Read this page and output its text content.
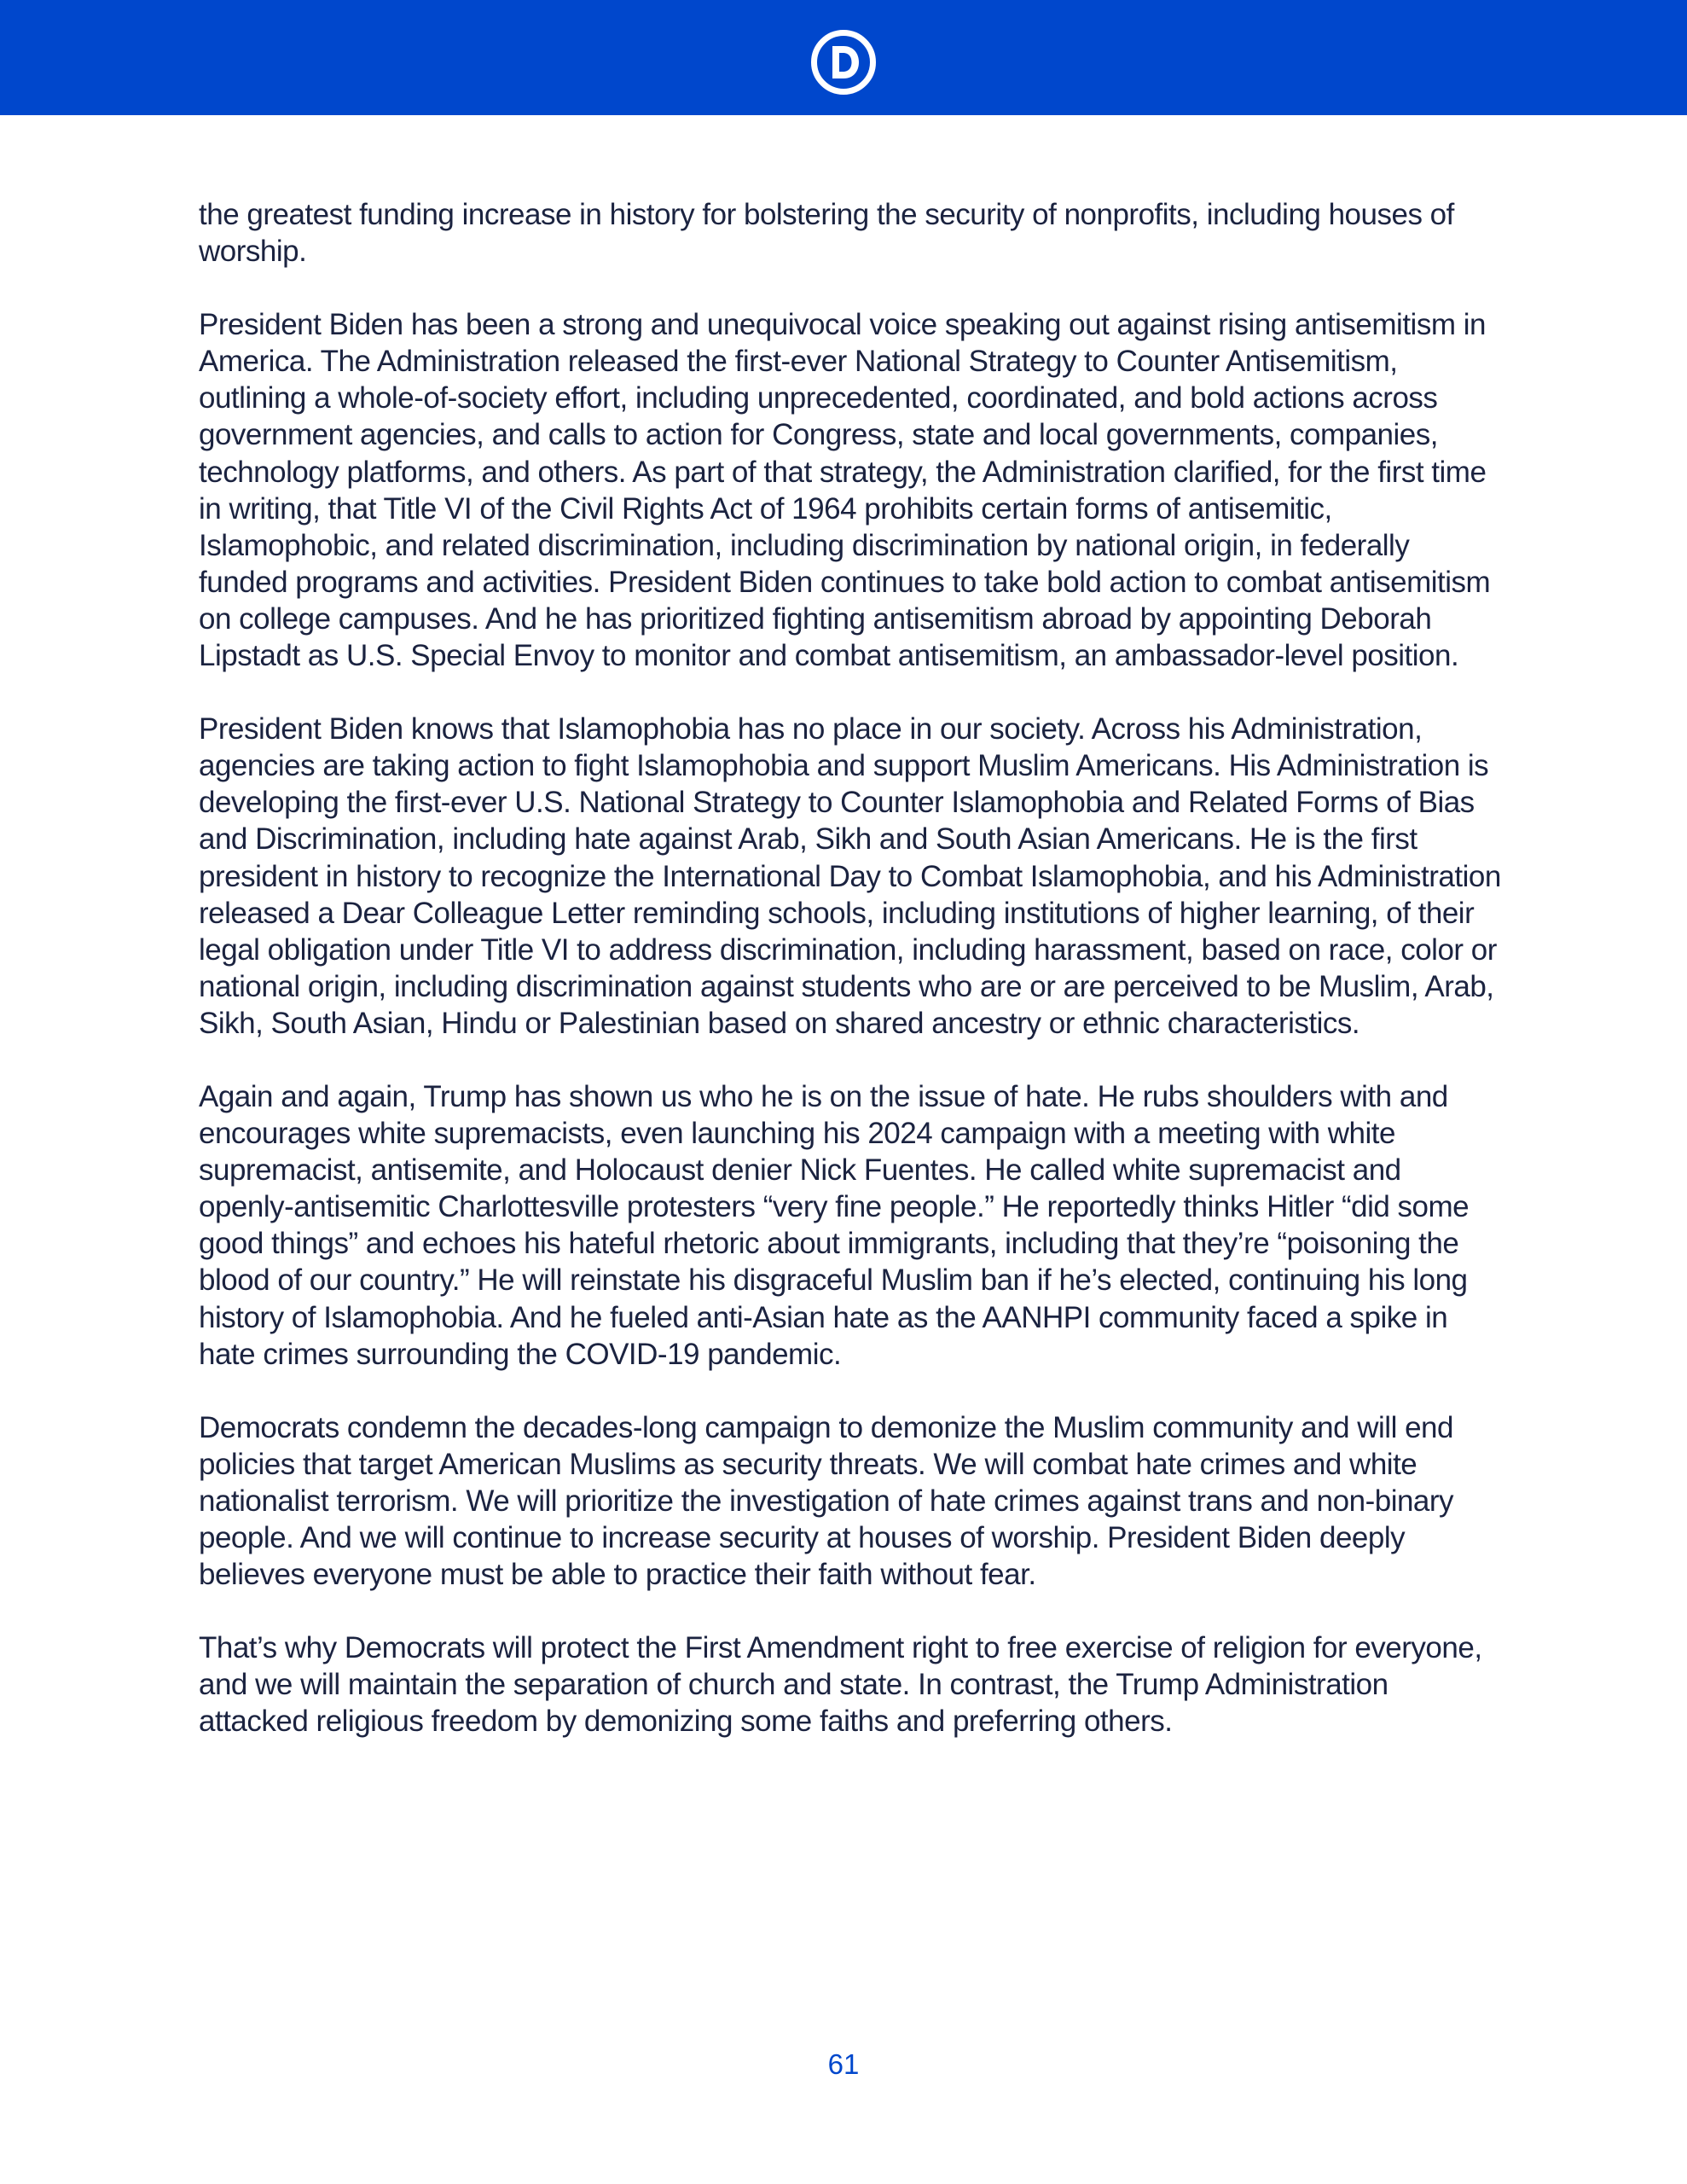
the greatest funding increase in history for bolstering the security of nonprofits, including houses of worship.

President Biden has been a strong and unequivocal voice speaking out against rising antisemitism in America. The Administration released the first-ever National Strategy to Counter Antisemitism, outlining a whole-of-society effort, including unprecedented, coordinated, and bold actions across government agencies, and calls to action for Congress, state and local governments, companies, technology platforms, and others. As part of that strategy, the Administration clarified, for the first time in writing, that Title VI of the Civil Rights Act of 1964 prohibits certain forms of antisemitic, Islamophobic, and related discrimination, including discrimination by national origin, in federally funded programs and activities. President Biden continues to take bold action to combat antisemitism on college campuses. And he has prioritized fighting antisemitism abroad by appointing Deborah Lipstadt as U.S. Special Envoy to monitor and combat antisemitism, an ambassador-level position.

President Biden knows that Islamophobia has no place in our society. Across his Administration, agencies are taking action to fight Islamophobia and support Muslim Americans. His Administration is developing the first-ever U.S. National Strategy to Counter Islamophobia and Related Forms of Bias and Discrimination, including hate against Arab, Sikh and South Asian Americans. He is the first president in history to recognize the International Day to Combat Islamophobia, and his Administration released a Dear Colleague Letter reminding schools, including institutions of higher learning, of their legal obligation under Title VI to address discrimination, including harassment, based on race, color or national origin, including discrimination against students who are or are perceived to be Muslim, Arab, Sikh, South Asian, Hindu or Palestinian based on shared ancestry or ethnic characteristics.

Again and again, Trump has shown us who he is on the issue of hate. He rubs shoulders with and encourages white supremacists, even launching his 2024 campaign with a meeting with white supremacist, antisemite, and Holocaust denier Nick Fuentes. He called white supremacist and openly-antisemitic Charlottesville protesters “very fine people.” He reportedly thinks Hitler “did some good things” and echoes his hateful rhetoric about immigrants, including that they’re “poisoning the blood of our country.” He will reinstate his disgraceful Muslim ban if he’s elected, continuing his long history of Islamophobia. And he fueled anti-Asian hate as the AANHPI community faced a spike in hate crimes surrounding the COVID-19 pandemic.

Democrats condemn the decades-long campaign to demonize the Muslim community and will end policies that target American Muslims as security threats. We will combat hate crimes and white nationalist terrorism. We will prioritize the investigation of hate crimes against trans and non-binary people. And we will continue to increase security at houses of worship. President Biden deeply believes everyone must be able to practice their faith without fear.

That’s why Democrats will protect the First Amendment right to free exercise of religion for everyone, and we will maintain the separation of church and state. In contrast, the Trump Administration attacked religious freedom by demonizing some faiths and preferring others.

61
